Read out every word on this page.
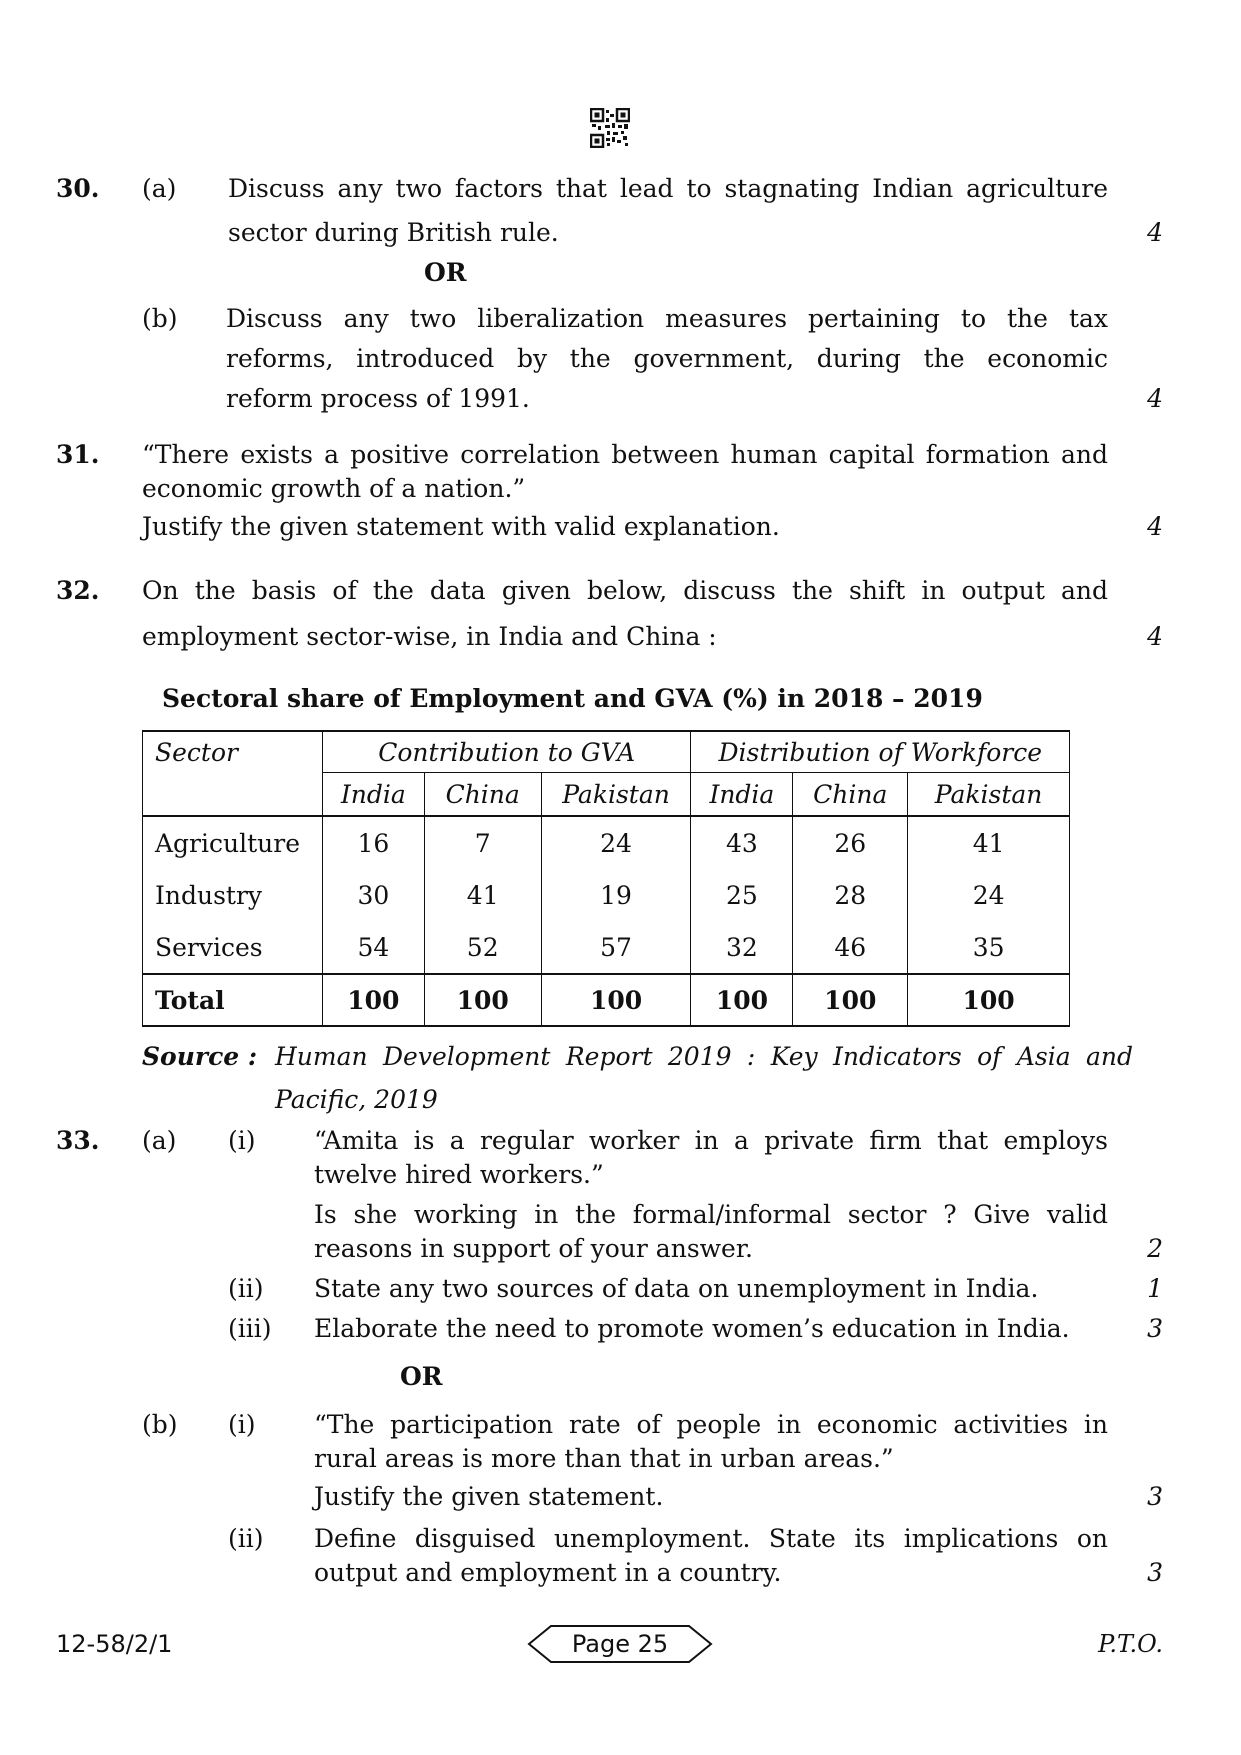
30. (a) Discuss any two factors that lead to stagnating Indian agriculture
sector during British rule.	4
OR
(b) Discuss any two liberalization measures pertaining to the tax
reforms, introduced by the government, during the economic
reform process of 1991.	4
31. “There exists a positive correlation between human capital formation and
economic growth of a nation.”
Justify the given statement with valid explanation.	4
32. On the basis of the data given below, discuss the shift in output and
employment sector-wise, in India and China :	4
Sectoral share of Employment and GVA (%) in 2018 – 2019
Sector	Contribution to GVA			Distribution of Workforce		
	India	China	Pakistan	India	China	Pakistan
Agriculture	16	7	24	43	26	41
Industry	30	41	19	25	28	24
Services	54	52	57	32	46	35
Total	100	100	100	100	100	100
Source : Human Development Report 2019 : Key Indicators of Asia and
Pacific, 2019
33. (a) (i) “Amita is a regular worker in a private firm that employs
twelve hired workers.”
Is she working in the formal/informal sector ? Give valid
reasons in support of your answer.	2
(ii) State any two sources of data on unemployment in India.	1
(iii) Elaborate the need to promote women’s education in India.	3
OR
(b) (i) “The participation rate of people in economic activities in
rural areas is more than that in urban areas.”
Justify the given statement.	3
(ii) Define disguised unemployment. State its implications on
output and employment in a country.	3
12-58/2/1	Page 25	P.T.O.
